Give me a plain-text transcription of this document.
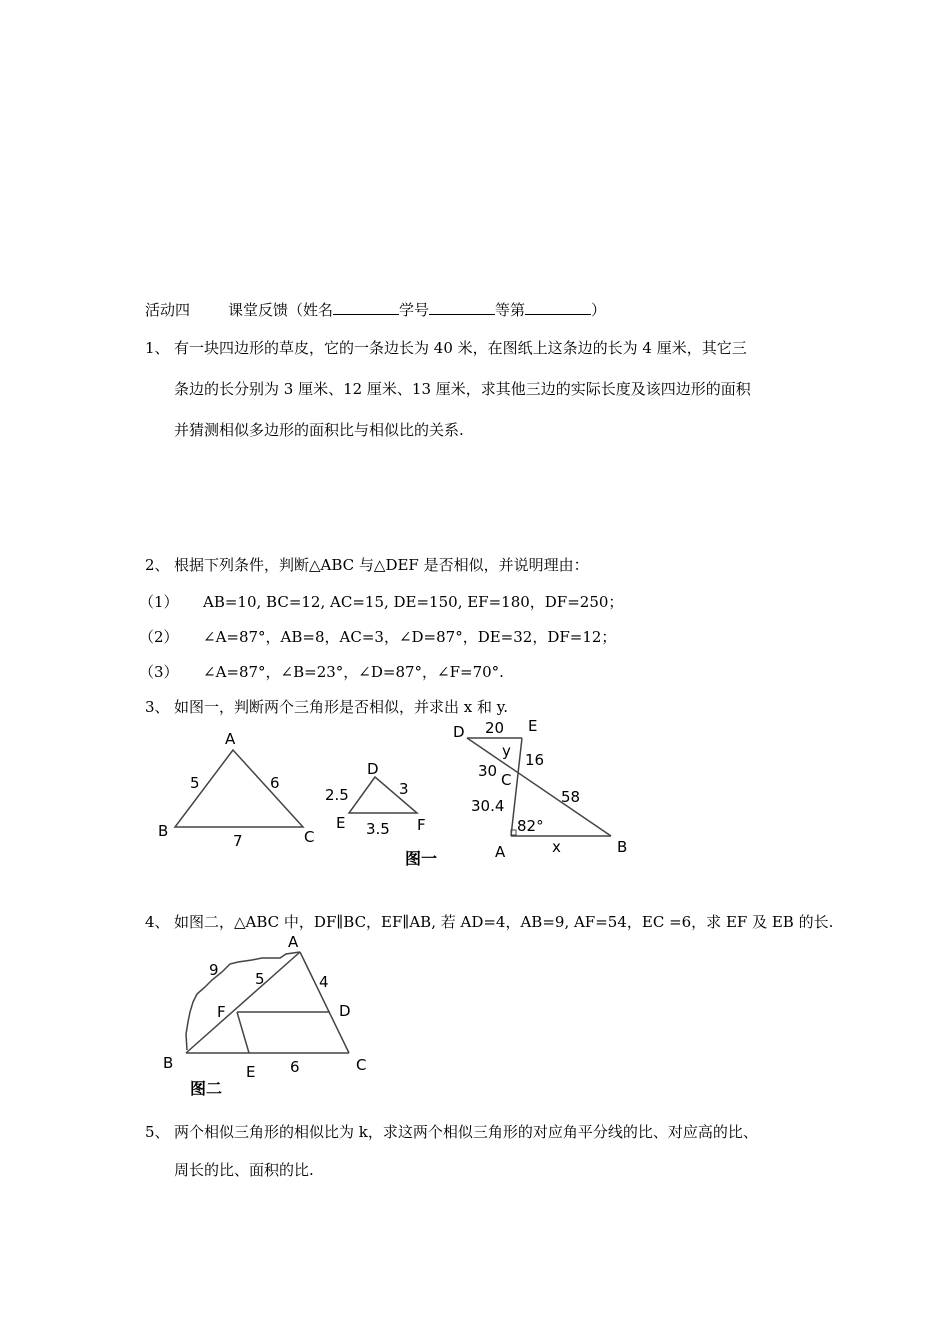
活动四	课堂反馈（姓名	学号	等第	）
1、 有一块四边形的草皮，它的一条边长为 40 米，在图纸上这条边的长为 4 厘米，其它三
条边的长分别为 3 厘米、12 厘米、13 厘米，求其他三边的实际长度及该四边形的面积
并猜测相似多边形的面积比与相似比的关系.
2、 根据下列条件，判断△ABC 与△DEF 是否相似，并说明理由：
（1） AB=10, BC=12, AC=15, DE=150, EF=180，DF=250；
（2） ∠A=87°，AB=8，AC=3，∠D=87°，DE=32，DF=12；
（3） ∠A=87°，∠B=23°，∠D=87°，∠F=70°.
3、 如图一，判断两个三角形是否相似，并求出 x 和 y.
A
B	C
5	6
7
D
E	F
2.5	3
3.5
图一
D	E
20
y 16
30 C
58
30.4
82°
A	x	B
4、 如图二，△ABC 中，DF∥BC，EF∥AB, 若 AD=4，AB=9, AF=54，EC =6，求 EF 及 EB 的长.
A
9 5	4
F	D
B	E 6	C
图二
5、 两个相似三角形的相似比为 k，求这两个相似三角形的对应角平分线的比、对应高的比、
周长的比、面积的比.
